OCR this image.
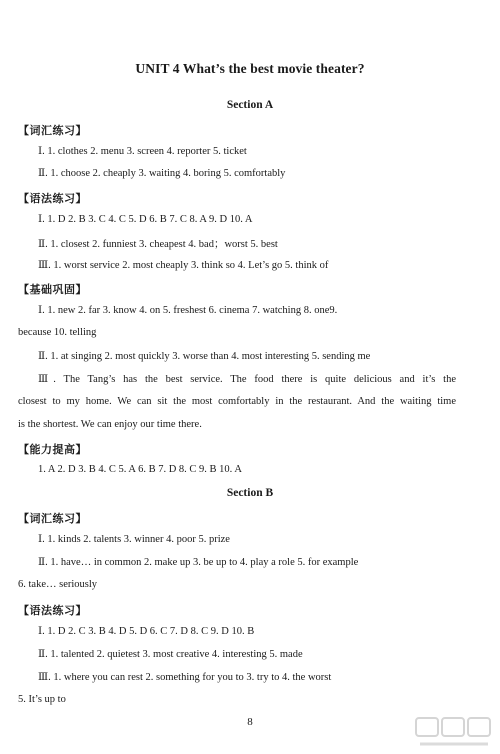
UNIT 4 What’s the best movie theater?
Section A
【词汇练习】
Ⅰ. 1. clothes 2. menu 3. screen 4. reporter 5. ticket
Ⅱ. 1. choose 2. cheaply 3. waiting 4. boring 5. comfortably
【语法练习】
Ⅰ. 1. D 2. B 3. C 4. C 5. D 6. B 7. C 8. A 9. D 10. A
Ⅱ. 1. closest 2. funniest 3. cheapest 4. bad；worst 5. best
Ⅲ. 1. worst service 2. most cheaply 3. think so 4. Let’s go 5. think of
【基础巩固】
Ⅰ. 1. new 2. far 3. know 4. on 5. freshest 6. cinema 7. watching 8. one9.
because 10. telling
Ⅱ. 1. at singing 2. most quickly 3. worse than 4. most interesting 5. sending me
Ⅲ. The Tang’s has the best service. The food there is quite delicious and it’s the
closest to my home. We can sit the most comfortably in the restaurant. And the waiting time
is the shortest. We can enjoy our time there.
【能力提高】
1. A 2. D 3. B 4. C 5. A 6. B 7. D 8. C 9. B 10. A
Section B
【词汇练习】
Ⅰ. 1. kinds 2. talents 3. winner 4. poor 5. prize
Ⅱ. 1. have… in common 2. make up 3. be up to 4. play a role 5. for example
6. take… seriously
【语法练习】
Ⅰ. 1. D 2. C 3. B 4. D 5. D 6. C 7. D 8. C 9. D 10. B
Ⅱ. 1. talented 2. quietest 3. most creative 4. interesting 5. made
Ⅲ. 1. where you can rest 2. something for you to 3. try to 4. the worst
5. It’s up to
8
